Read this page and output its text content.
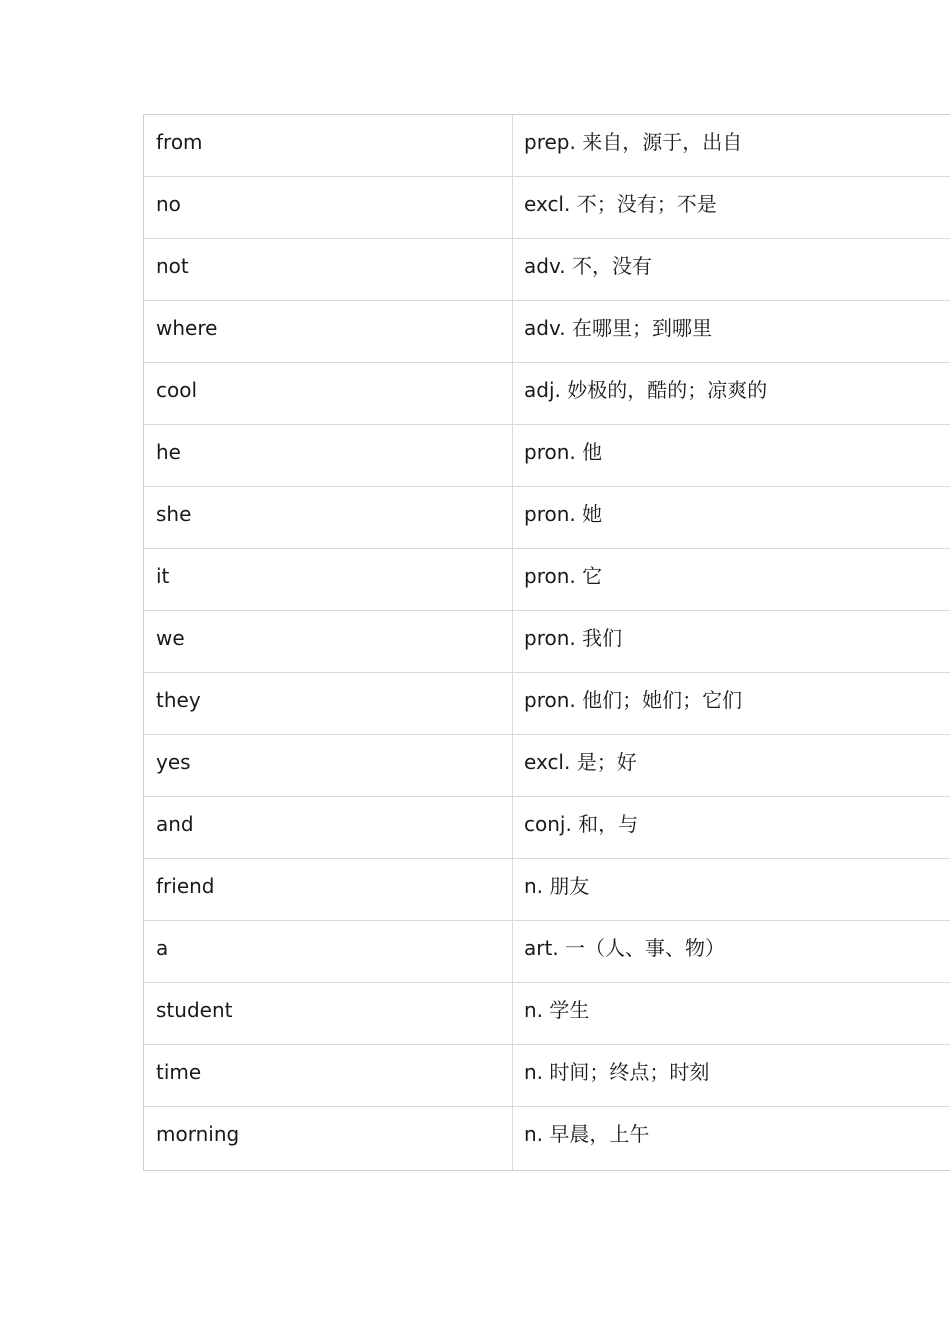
from	prep. 来自，源于，出自
no	excl. 不；没有；不是
not	adv. 不，没有
where	adv. 在哪里；到哪里
cool	adj. 妙极的，酷的；凉爽的
he	pron. 他
she	pron. 她
it	pron. 它
we	pron. 我们
they	pron. 他们；她们；它们
yes	excl. 是；好
and	conj. 和，与
friend	n. 朋友
a	art. 一（人、事、物）
student	n. 学生
time	n. 时间；终点；时刻
morning	n. 早晨，上午
